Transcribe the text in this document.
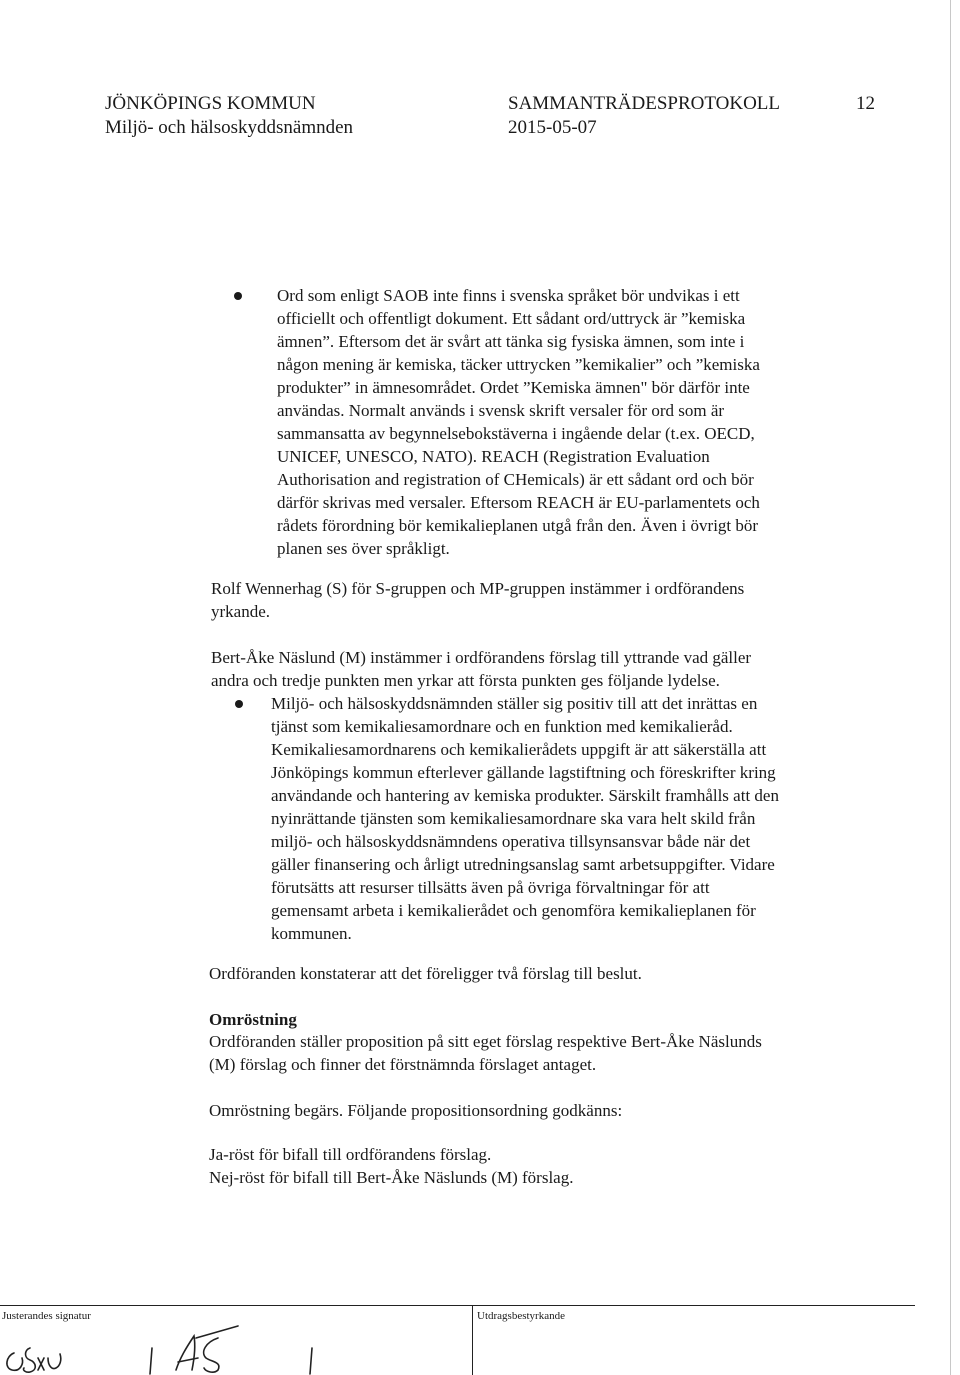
JÖNKÖPINGS KOMMUN
Miljö- och hälsoskyddsnämnden
SAMMANTRÄDESPROTOKOLL
2015-05-07
12

Ord som enligt SAOB inte finns i svenska språket bör undvikas i ett

officiellt och offentligt dokument. Ett sådant ord/uttryck är ”kemiska

ämnen”. Eftersom det är svårt att tänka sig fysiska ämnen, som inte i

någon mening är kemiska, täcker uttrycken ”kemikalier” och ”kemiska

produkter” in ämnesområdet. Ordet ”Kemiska ämnen" bör därför inte

användas. Normalt används i svensk skrift versaler för ord som är

sammansatta av begynnelsebokstäverna i ingående delar (t.ex. OECD,

UNICEF, UNESCO, NATO). REACH (Registration Evaluation

Authorisation and registration of CHemicals) är ett sådant ord och bör

därför skrivas med versaler. Eftersom REACH är EU-parlamentets och

rådets förordning bör kemikalieplanen utgå från den. Även i övrigt bör

planen ses över språkligt.

Rolf Wennerhag (S) för S-gruppen och MP-gruppen instämmer i ordförandens

yrkande.

Bert-Åke Näslund (M) instämmer i ordförandens förslag till yttrande vad gäller

andra och tredje punkten men yrkar att första punkten ges följande lydelse.

Miljö- och hälsoskyddsnämnden ställer sig positiv till att det inrättas en

tjänst som kemikaliesamordnare och en funktion med kemikalieråd.

Kemikaliesamordnarens och kemikalierådets uppgift är att säkerställa att

Jönköpings kommun efterlever gällande lagstiftning och föreskrifter kring

användande och hantering av kemiska produkter. Särskilt framhålls att den

nyinrättande tjänsten som kemikaliesamordnare ska vara helt skild från

miljö- och hälsoskyddsnämndens operativa tillsynsansvar både när det

gäller finansering och årligt utredningsanslag samt arbetsuppgifter. Vidare

förutsätts att resurser tillsätts även på övriga förvaltningar för att

gemensamt arbeta i kemikalierådet och genomföra kemikalieplanen för

kommunen.

Ordföranden konstaterar att det föreligger två förslag till beslut.
Omröstning

Ordföranden ställer proposition på sitt eget förslag respektive Bert-Åke Näslunds

(M) förslag och finner det förstnämnda förslaget antaget.

Omröstning begärs. Följande propositionsordning godkänns:
Ja-röst för bifall till ordförandens förslag.
Nej-röst för bifall till Bert-Åke Näslunds (M) förslag.
Justerandes signatur	Utdragsbestyrkande
